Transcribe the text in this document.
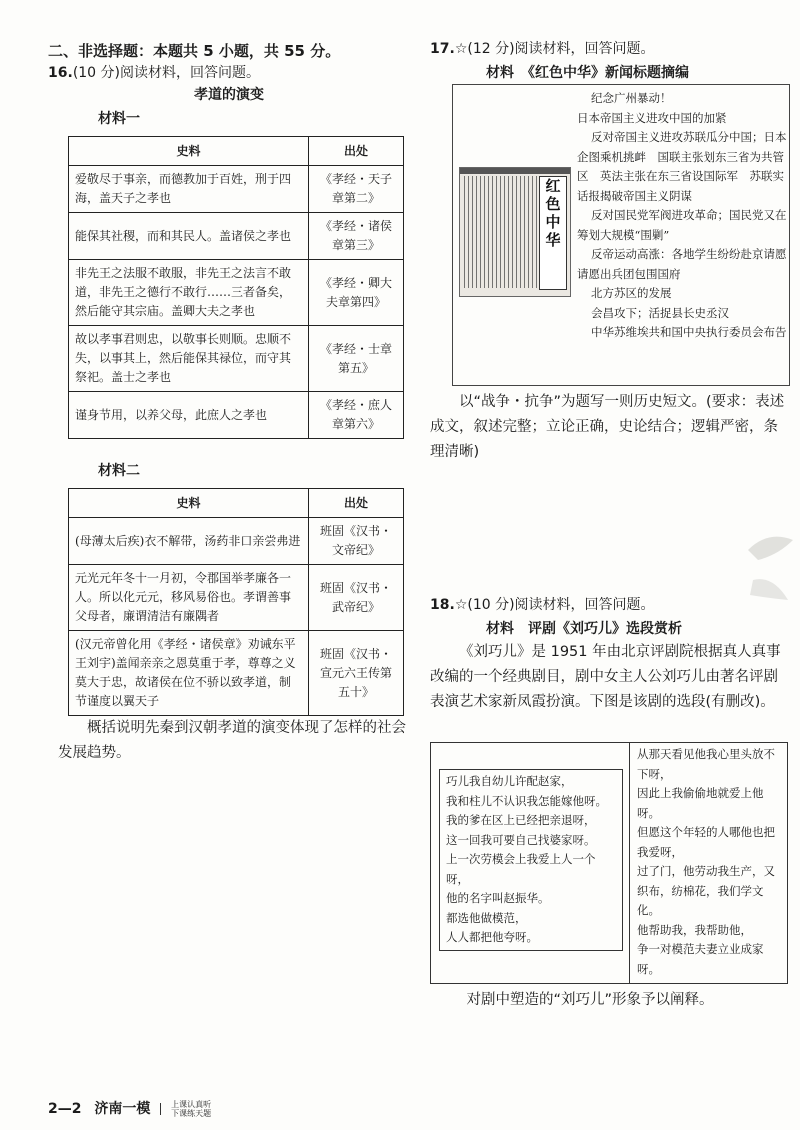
二、非选择题：本题共 5 小题，共 55 分。
16.(10 分)阅读材料，回答问题。
孝道的演变
材料一
史料	出处
爱敬尽于事亲，而德教加于百姓，刑于四海，盖天子之孝也	《孝经・天子章第二》
能保其社稷，而和其民人。盖诸侯之孝也	《孝经・诸侯章第三》
非先王之法服不敢服，非先王之法言不敢道，非先王之德行不敢行……三者备矣，然后能守其宗庙。盖卿大夫之孝也	《孝经・卿大夫章第四》
故以孝事君则忠，以敬事长则顺。忠顺不失，以事其上，然后能保其禄位，而守其祭祀。盖士之孝也	《孝经・士章第五》
谨身节用，以养父母，此庶人之孝也	《孝经・庶人章第六》
材料二
史料	出处
(母薄太后疾)衣不解带，汤药非口亲尝弗进	班固《汉书・文帝纪》
元光元年冬十一月初，令郡国举孝廉各一人。所以化元元，移风易俗也。孝谓善事父母者，廉谓清洁有廉隅者	班固《汉书・武帝纪》
(汉元帝曾化用《孝经・诸侯章》劝诫东平王刘宇)盖闻亲亲之恩莫重于孝，尊尊之义莫大于忠，故诸侯在位不骄以致孝道，制节谨度以翼天子	班固《汉书・宣元六王传第五十》
概括说明先秦到汉朝孝道的演变体现了怎样的社会发展趋势。
17.☆(12 分)阅读材料，回答问题。
材料　《红色中华》新闻标题摘编
红色中华
纪念广州暴动！
日本帝国主义进攻中国的加紧
反对帝国主义进攻苏联瓜分中国；日本企图乘机挑衅　国联主张划东三省为共管区　英法主张在东三省设国际军　苏联实话报揭破帝国主义阴谋
反对国民党军阀进攻革命；国民党又在筹划大规模“围剿”
反帝运动高涨：各地学生纷纷赴京请愿　请愿出兵团包围国府
北方苏区的发展
会昌攻下；活捉县长史丞汉
中华苏维埃共和国中央执行委员会布告
以“战争・抗争”为题写一则历史短文。(要求：表述成文，叙述完整；立论正确，史论结合；逻辑严密，条理清晰)
18.☆(10 分)阅读材料，回答问题。
材料　评剧《刘巧儿》选段赏析
《刘巧儿》是 1951 年由北京评剧院根据真人真事改编的一个经典剧目，剧中女主人公刘巧儿由著名评剧表演艺术家新凤霞扮演。下图是该剧的选段(有删改)。
巧儿我自幼儿许配赵家，
我和柱儿不认识我怎能嫁他呀。
我的爹在区上已经把亲退呀，
这一回我可要自己找婆家呀。
上一次劳模会上我爱上人一个呀，
他的名字叫赵振华。
都选他做模范，
人人都把他夸呀。
从那天看见他我心里头放不下呀，
因此上我偷偷地就爱上他呀。
但愿这个年轻的人哪他也把我爱呀，
过了门，他劳动我生产，又织布，纺棉花，我们学文化。
他帮助我，我帮助他，
争一对模范夫妻立业成家呀。
对剧中塑造的“刘巧儿”形象予以阐释。
2—2 济南一模	上课认真听
下课练天题
